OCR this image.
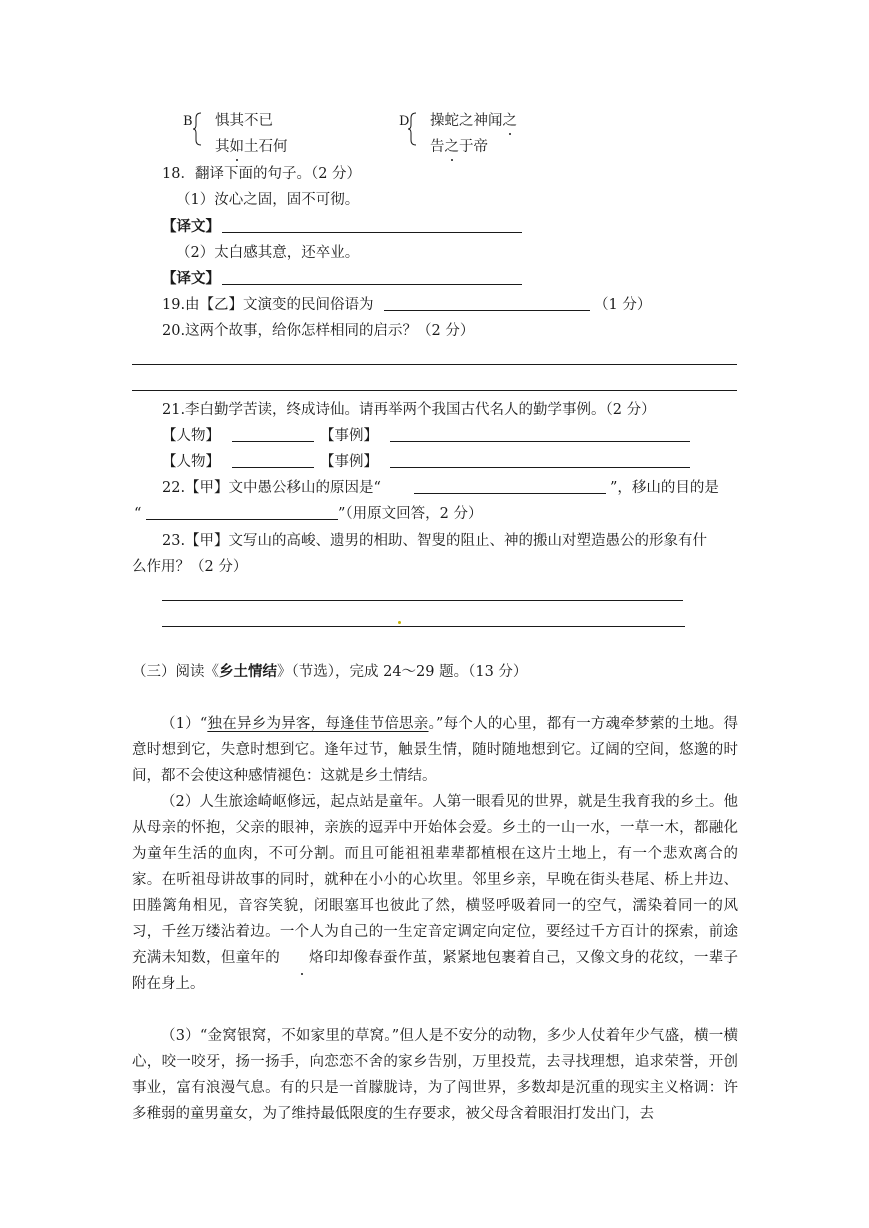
B 惧其不已
其如土石何
D 操蛇之神闻之
告之于帝
18．翻译下面的句子。（2 分）
（1）汝心之固，固不可彻。
【译文】
（2）太白感其意，还卒业。
【译文】
19.由【乙】文演变的民间俗语为	（1 分）
20.这两个故事，给你怎样相同的启示？（2 分）
21.李白勤学苦读，终成诗仙。请再举两个我国古代名人的勤学事例。（2 分）
【人物】	【事例】
【人物】	【事例】
22.【甲】文中愚公移山的原因是“	”，移山的目的是
“	”（用原文回答，2 分）
23.【甲】文写山的高峻、遗男的相助、智叟的阻止、神的搬山对塑造愚公的形象有什
么作用？（2 分）
（三）阅读《乡土情结》（节选），完成 24～29 题。（13 分）

（1）“独在异乡为异客，每逢佳节倍思亲。”每个人的心里，都有一方魂牵梦萦的土地。得意时想到它，失意时想到它。逢年过节，触景生情，随时随地想到它。辽阔的空间，悠邈的时间，都不会使这种感情褪色：这就是乡土情结。

（2）人生旅途崎岖修远，起点站是童年。人第一眼看见的世界，就是生我育我的乡土。他从母亲的怀抱，父亲的眼神，亲族的逗弄中开始体会爱。乡土的一山一水，一草一木，都融化为童年生活的血肉，不可分割。而且可能祖祖辈辈都植根在这片土地上，有一个悲欢离合的家。在听祖母讲故事的同时，就种在小小的心坎里。邻里乡亲，早晚在街头巷尾、桥上井边、田塍篱角相见，音容笑貌，闭眼塞耳也彼此了然，横竖呼吸着同一的空气，濡染着同一的风习，千丝万缕沾着边。一个人为自己的一生定音定调定向定位，要经过千方百计的探索，前途充满未知数，但童年的 烙印却像春蚕作茧，紧紧地包裹着自己，又像文身的花纹，一辈子附在身上。

（3）“金窝银窝，不如家里的草窝。”但人是不安分的动物，多少人仗着年少气盛，横一横心，咬一咬牙，扬一扬手，向恋恋不舍的家乡告别，万里投荒，去寻找理想，追求荣誉，开创事业，富有浪漫气息。有的只是一首朦胧诗，为了闯世界，多数却是沉重的现实主义格调：许多稚弱的童男童女，为了维持最低限度的生存要求，被父母含着眼泪打发出门，去
